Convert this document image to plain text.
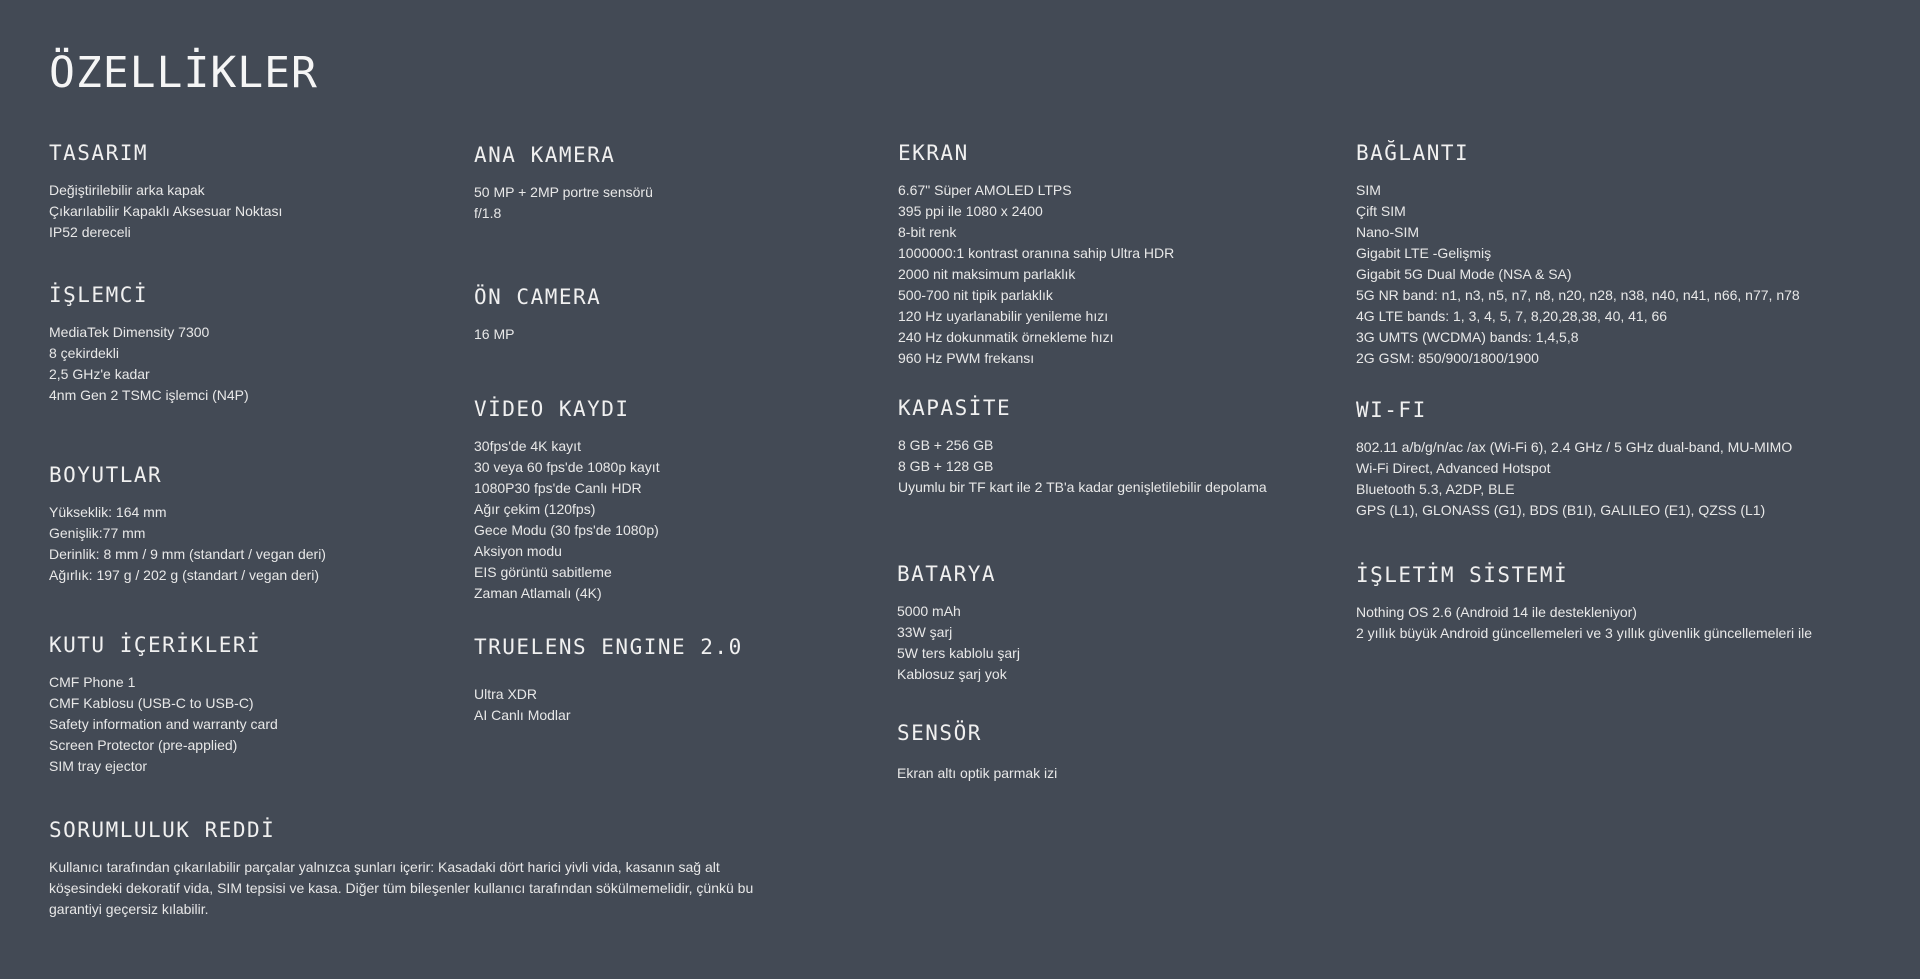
ÖZELLİKLER
TASARIM
Değiştirilebilir arka kapak
Çıkarılabilir Kapaklı Aksesuar Noktası
IP52 dereceli
İŞLEMCİ
MediaTek Dimensity 7300
8 çekirdekli
2,5 GHz'e kadar
4nm Gen 2 TSMC işlemci (N4P)
BOYUTLAR
Yükseklik: 164 mm
Genişlik:77 mm
Derinlik: 8 mm / 9 mm (standart / vegan deri)
Ağırlık: 197 g / 202 g (standart / vegan deri)
KUTU İÇERİKLERİ
CMF Phone 1
CMF Kablosu (USB-C to USB-C)
Safety information and warranty card
Screen Protector (pre-applied)
SIM tray ejector
SORUMLULUK REDDİ

Kullanıcı tarafından çıkarılabilir parçalar yalnızca şunları içerir: Kasadaki dört harici yivli vida, kasanın sağ alt köşesindeki dekoratif vida, SIM tepsisi ve kasa. Diğer tüm bileşenler kullanıcı tarafından sökülmemelidir, çünkü bu garantiyi geçersiz kılabilir.

ANA KAMERA
50 MP + 2MP portre sensörü
f/1.8
ÖN CAMERA
16 MP
VİDEO KAYDI
30fps'de 4K kayıt
30 veya 60 fps'de 1080p kayıt
1080P30 fps'de Canlı HDR
Ağır çekim (120fps)
Gece Modu (30 fps'de 1080p)
Aksiyon modu
EIS görüntü sabitleme
Zaman Atlamalı (4K)
TRUELENS ENGINE 2.0
Ultra XDR
AI Canlı Modlar
EKRAN
6.67" Süper AMOLED LTPS
395 ppi ile 1080 x 2400
8-bit renk
1000000:1 kontrast oranına sahip Ultra HDR
2000 nit maksimum parlaklık
500-700 nit tipik parlaklık
120 Hz uyarlanabilir yenileme hızı
240 Hz dokunmatik örnekleme hızı
960 Hz PWM frekansı
KAPASİTE
8 GB + 256 GB
8 GB + 128 GB
Uyumlu bir TF kart ile 2 TB'a kadar genişletilebilir depolama
BATARYA
5000 mAh
33W şarj
5W ters kablolu şarj
Kablosuz şarj yok
SENSÖR
Ekran altı optik parmak izi
BAĞLANTI
SIM
Çift SIM
Nano-SIM
Gigabit LTE -Gelişmiş
Gigabit 5G Dual Mode (NSA & SA)
5G NR band: n1, n3, n5, n7, n8, n20, n28, n38, n40, n41, n66, n77, n78
4G LTE bands: 1, 3, 4, 5, 7, 8,20,28,38, 40, 41, 66
3G UMTS (WCDMA) bands: 1,4,5,8
2G GSM: 850/900/1800/1900
WI-FI
802.11 a/b/g/n/ac /ax (Wi-Fi 6), 2.4 GHz / 5 GHz dual-band, MU-MIMO
Wi-Fi Direct, Advanced Hotspot
Bluetooth 5.3, A2DP, BLE
GPS (L1), GLONASS (G1), BDS (B1I), GALILEO (E1), QZSS (L1)
İŞLETİM SİSTEMİ
Nothing OS 2.6 (Android 14 ile destekleniyor)
2 yıllık büyük Android güncellemeleri ve 3 yıllık güvenlik güncellemeleri ile
